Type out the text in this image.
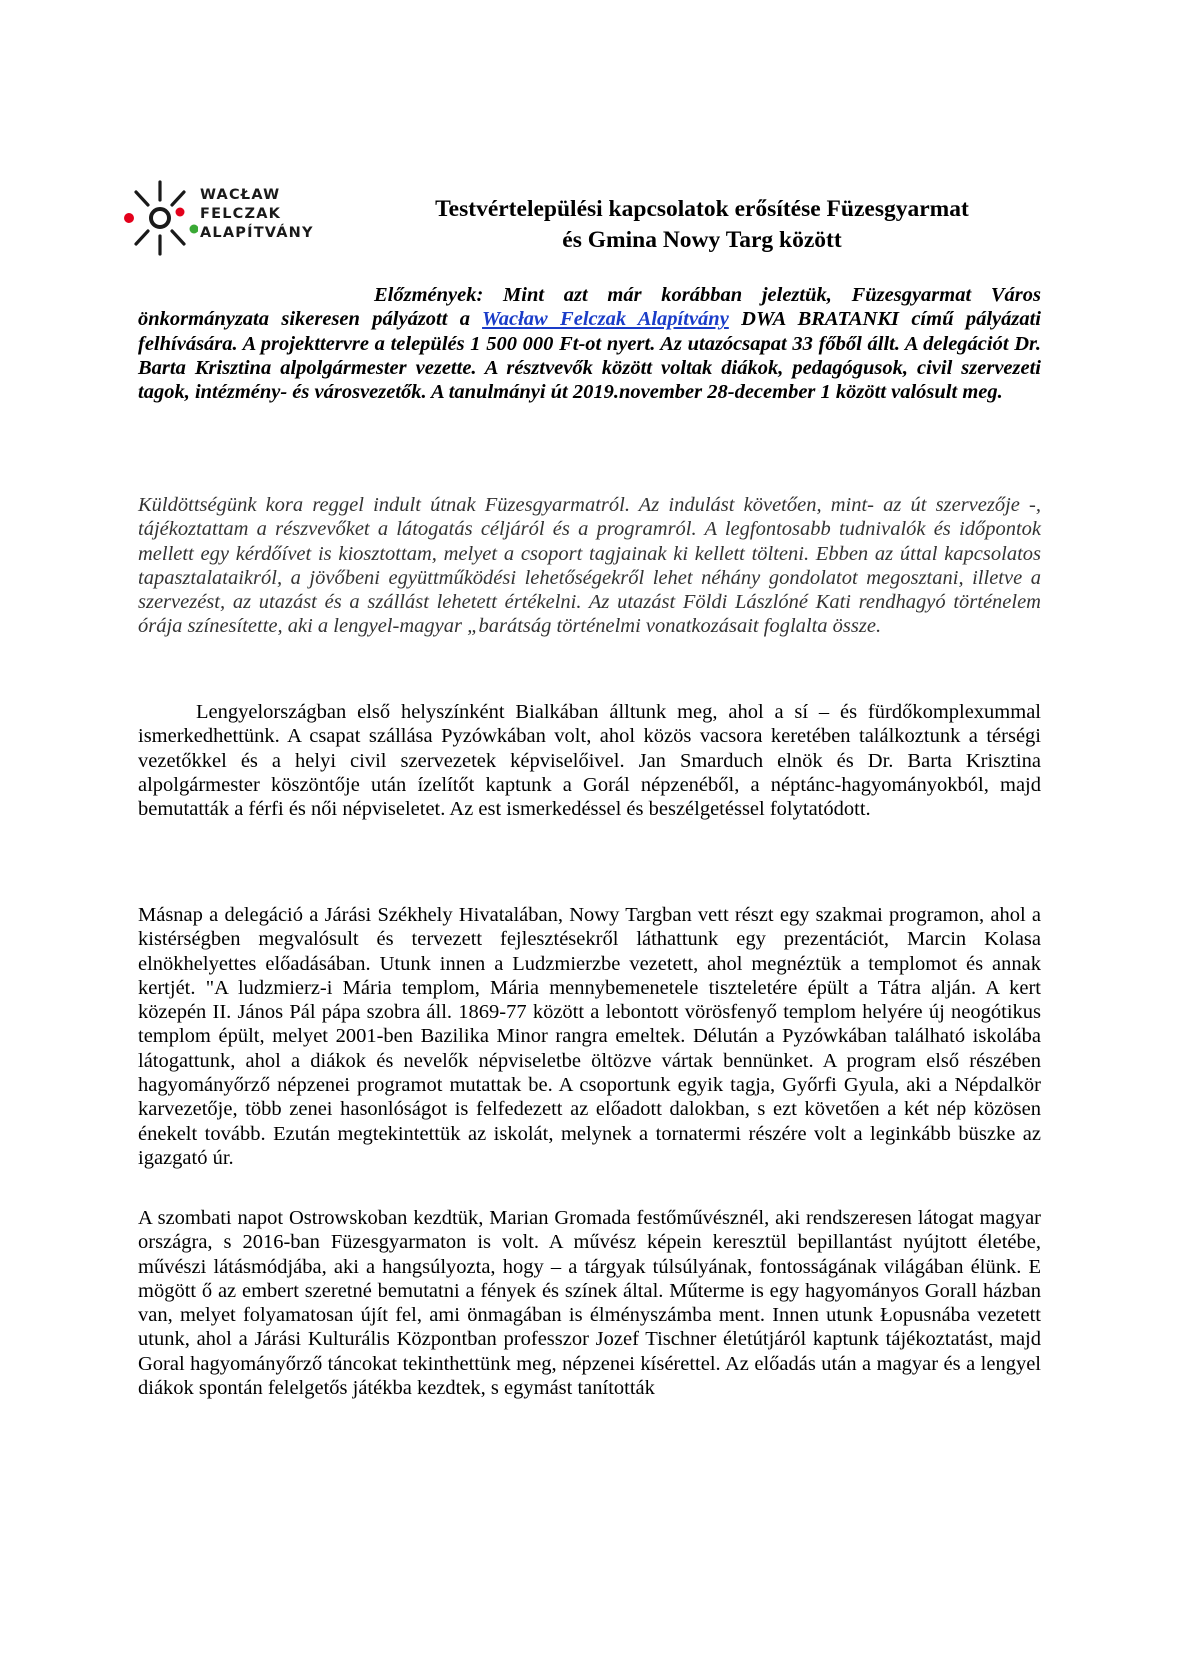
WACŁAW
FELCZAK
ALAPÍTVÁNY
Testvértelepülési kapcsolatok erősítése Füzesgyarmat
és Gmina Nowy Targ között
Előzmények: Mint azt már korábban jeleztük, Füzesgyarmat Város önkormányzata sikeresen pályázott a Wacław Felczak Alapítvány DWA BRATANKI című pályázati felhívására. A projekttervre a település 1 500 000 Ft-ot nyert. Az utazócsapat 33 főből állt. A delegációt Dr. Barta Krisztina alpolgármester vezette. A résztvevők között voltak diákok, pedagógusok, civil szervezeti tagok, intézmény- és városvezetők. A tanulmányi út 2019.november 28-december 1 között valósult meg.
Küldöttségünk kora reggel indult útnak Füzesgyarmatról. Az indulást követően, mint- az út szervezője -, tájékoztattam a részvevőket a látogatás céljáról és a programról. A legfontosabb tudnivalók és időpontok mellett egy kérdőívet is kiosztottam, melyet a csoport tagjainak ki kellett tölteni. Ebben az úttal kapcsolatos tapasztalataikról, a jövőbeni együttműködési lehetőségekről lehet néhány gondolatot megosztani, illetve a szervezést, az utazást és a szállást lehetett értékelni. Az utazást Földi Lászlóné Kati rendhagyó történelem órája színesítette, aki a lengyel-magyar „barátság történelmi vonatkozásait foglalta össze.
Lengyelországban első helyszínként Bialkában álltunk meg, ahol a sí – és fürdőkomplexummal ismerkedhettünk. A csapat szállása Pyzówkában volt, ahol közös vacsora keretében találkoztunk a térségi vezetőkkel és a helyi civil szervezetek képviselőivel. Jan Smarduch elnök és Dr. Barta Krisztina alpolgármester köszöntője után ízelítőt kaptunk a Gorál népzenéből, a néptánc-hagyományokból, majd bemutatták a férfi és női népviseletet. Az est ismerkedéssel és beszélgetéssel folytatódott.
Másnap a delegáció a Járási Székhely Hivatalában, Nowy Targban vett részt egy szakmai programon, ahol a kistérségben megvalósult és tervezett fejlesztésekről láthattunk egy prezentációt, Marcin Kolasa elnökhelyettes előadásában. Utunk innen a Ludzmierzbe vezetett, ahol megnéztük a templomot és annak kertjét. "A ludzmierz-i Mária templom, Mária mennybemenetele tiszteletére épült a Tátra alján. A kert közepén II. János Pál pápa szobra áll. 1869-77 között a lebontott vörösfenyő templom helyére új neogótikus templom épült, melyet 2001-ben Bazilika Minor rangra emeltek. Délután a Pyzówkában található iskolába látogattunk, ahol a diákok és nevelők népviseletbe öltözve vártak bennünket. A program első részében hagyományőrző népzenei programot mutattak be. A csoportunk egyik tagja, Győrfi Gyula, aki a Népdalkör karvezetője, több zenei hasonlóságot is felfedezett az előadott dalokban, s ezt követően a két nép közösen énekelt tovább. Ezután megtekintettük az iskolát, melynek a tornatermi részére volt a leginkább büszke az igazgató úr.
A szombati napot Ostrowskoban kezdtük, Marian Gromada festőművésznél, aki rendszeresen látogat magyar országra, s 2016-ban Füzesgyarmaton is volt. A művész képein keresztül bepillantást nyújtott életébe, művészi látásmódjába, aki a hangsúlyozta, hogy – a tárgyak túlsúlyának, fontosságának világában élünk. E mögött ő az embert szeretné bemutatni a fények és színek által. Műterme is egy hagyományos Gorall házban van, melyet folyamatosan újít fel, ami önmagában is élményszámba ment. Innen utunk Łopusnába vezetett utunk, ahol a Járási Kulturális Központban professzor Jozef Tischner életútjáról kaptunk tájékoztatást, majd Goral hagyományőrző táncokat tekinthettünk meg, népzenei kísérettel. Az előadás után a magyar és a lengyel diákok spontán felelgetős játékba kezdtek, s egymást tanították
